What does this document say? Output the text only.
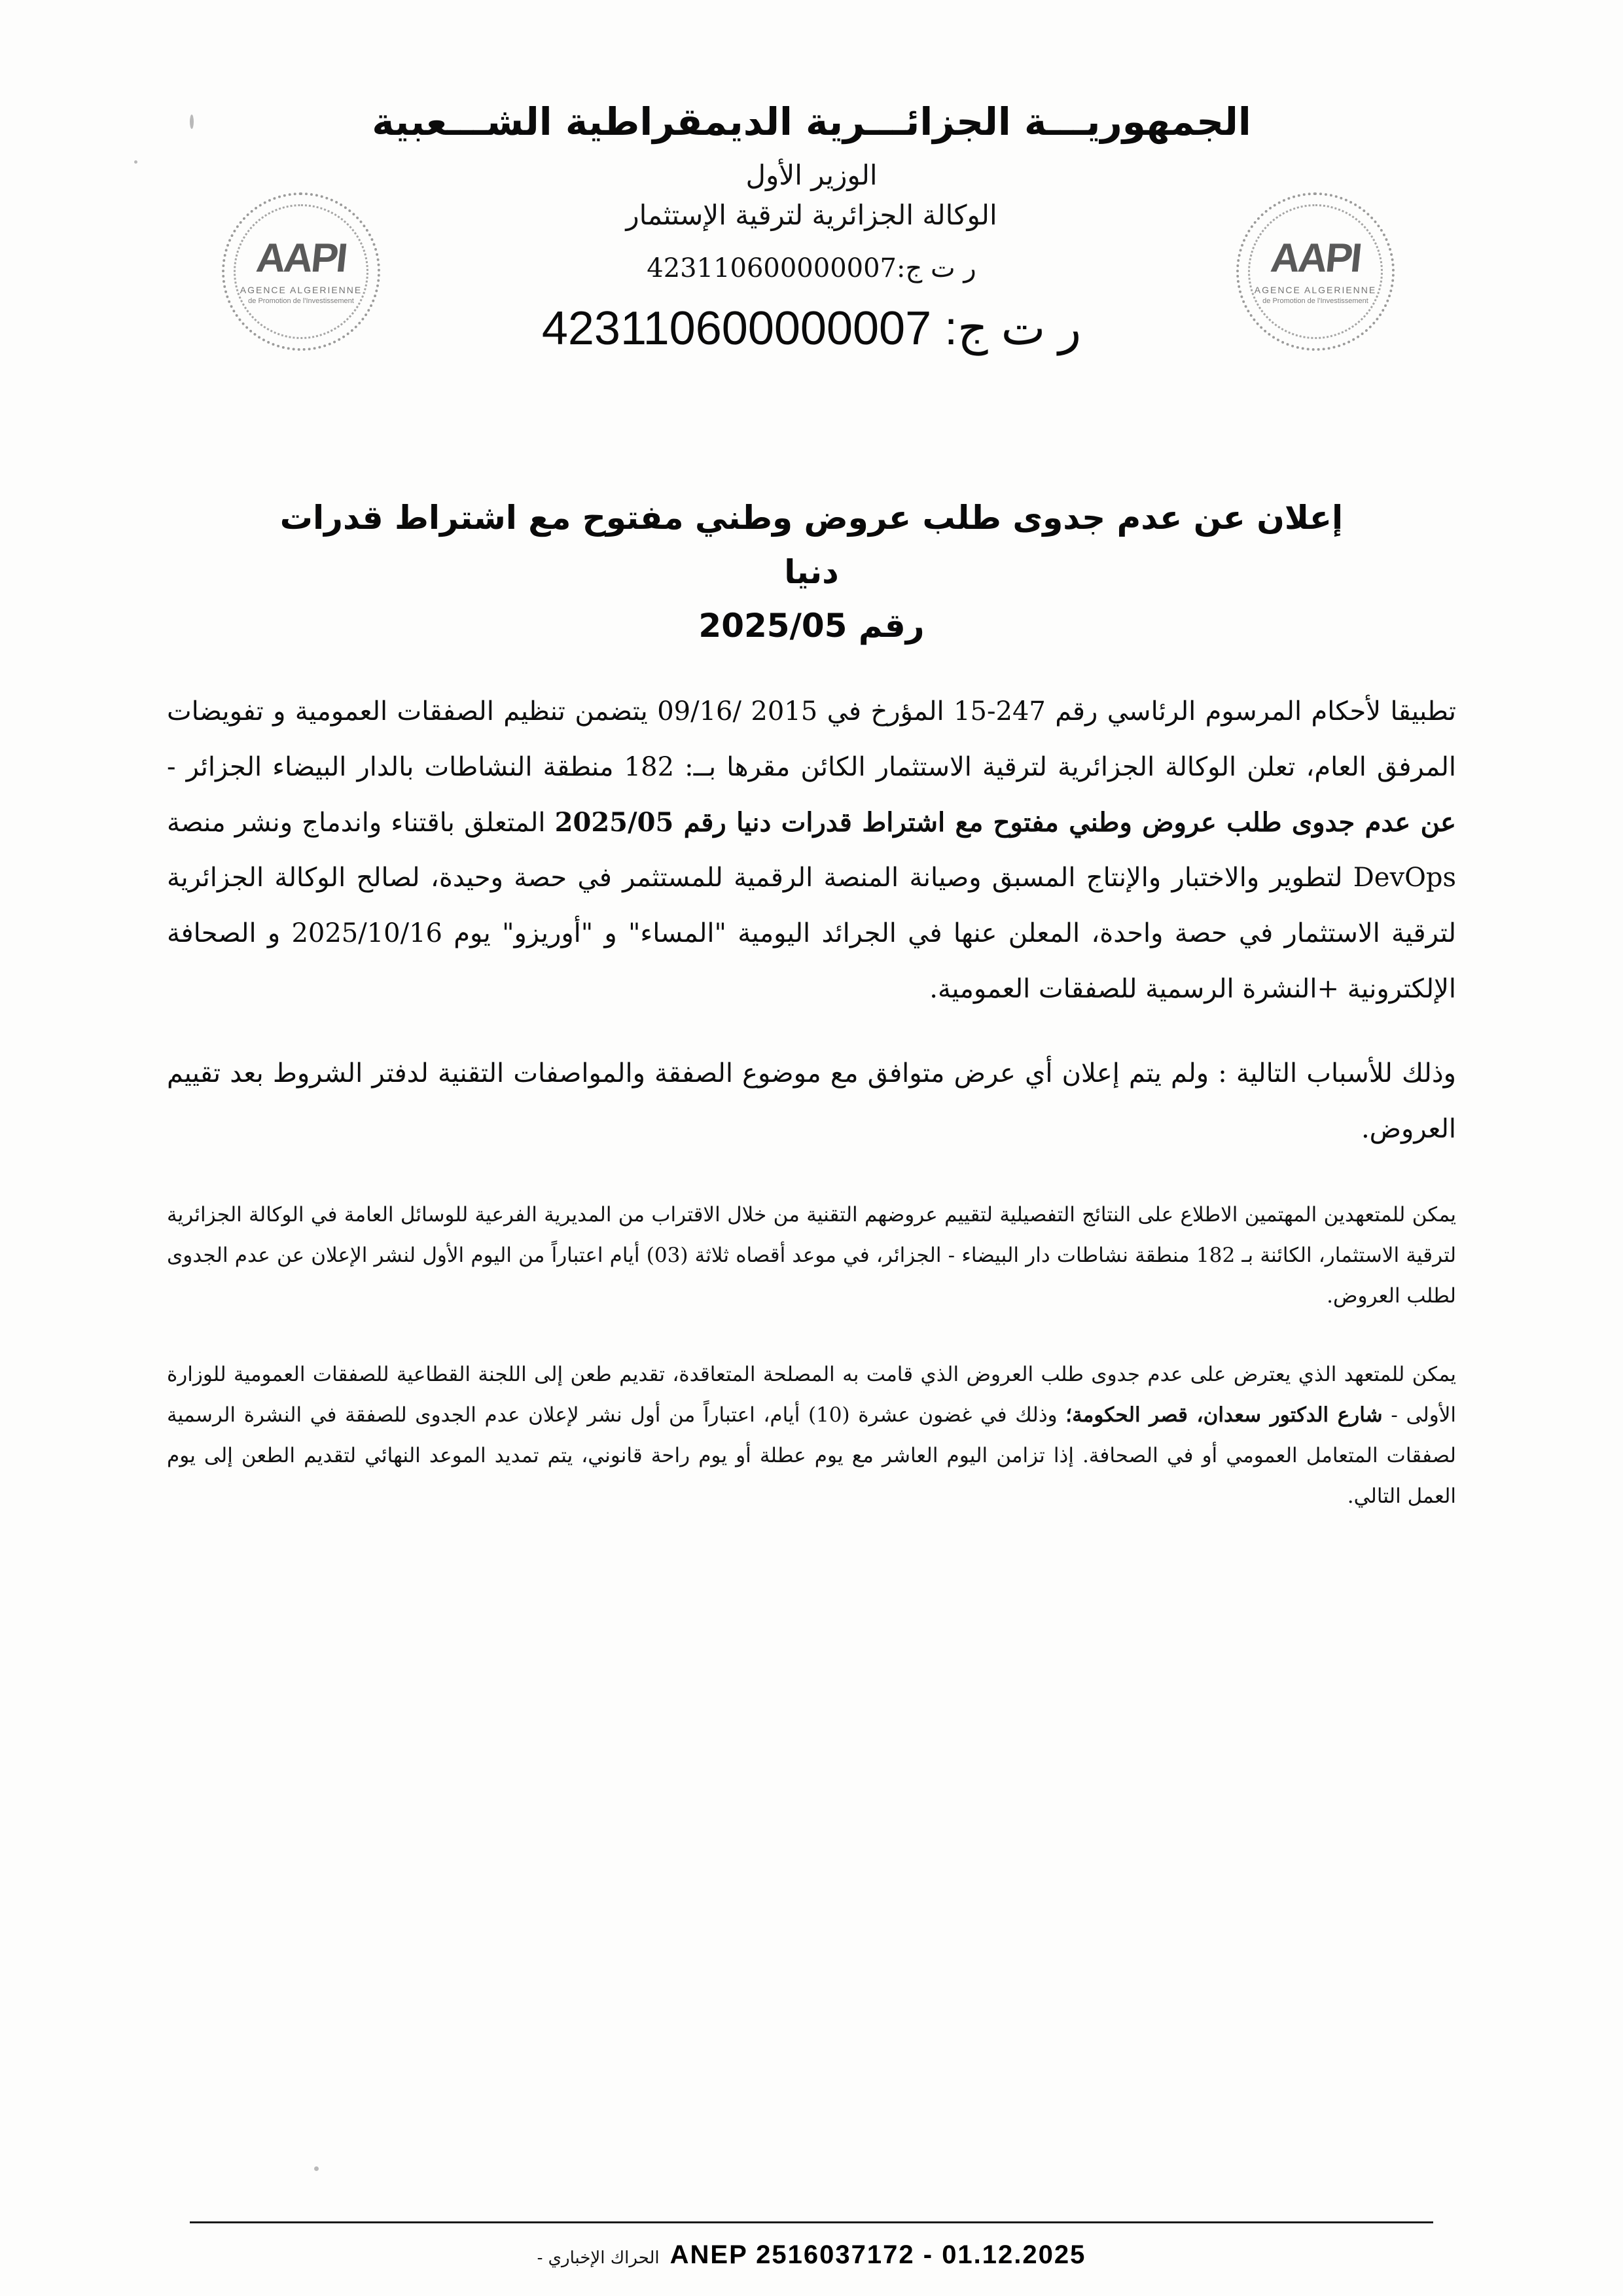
AAPI
AGENCE ALGERIENNE
de Promotion de l'Investissement
AAPI
AGENCE ALGERIENNE
de Promotion de l'Investissement
الجمهوريـــة الجزائـــرية الديمقراطية الشـــعبية
الوزير الأول
الوكالة الجزائرية لترقية الإستثمار
ر ت ج:423110600000007
ر ت ج: 423110600000007
إعلان عن عدم جدوى طلب عروض وطني مفتوح مع اشتراط قدرات دنيا
رقم 2025/05

تطبيقا لأحكام المرسوم الرئاسي رقم 247-15 المؤرخ في 2015 /09/16 يتضمن تنظيم الصفقات العمومية و تفويضات المرفق العام، تعلن الوكالة الجزائرية لترقية الاستثمار الكائن مقرها بــ: 182 منطقة النشاطات بالدار البيضاء الجزائر - عن عدم جدوى طلب عروض وطني مفتوح مع اشتراط قدرات دنيا رقم 2025/05 المتعلق باقتناء واندماج ونشر منصة DevOps لتطوير والاختبار والإنتاج المسبق وصيانة المنصة الرقمية للمستثمر في حصة وحيدة، لصالح الوكالة الجزائرية لترقية الاستثمار في حصة واحدة، المعلن عنها في الجرائد اليومية "المساء" و "أوريزو" يوم 2025/10/16 و الصحافة الإلكترونية +النشرة الرسمية للصفقات العمومية.

وذلك للأسباب التالية : ولم يتم إعلان أي عرض متوافق مع موضوع الصفقة والمواصفات التقنية لدفتر الشروط بعد تقييم العروض.

يمكن للمتعهدين المهتمين الاطلاع على النتائج التفصيلية لتقييم عروضهم التقنية من خلال الاقتراب من المديرية الفرعية للوسائل العامة في الوكالة الجزائرية لترقية الاستثمار، الكائنة بـ 182 منطقة نشاطات دار البيضاء - الجزائر، في موعد أقصاه ثلاثة (03) أيام اعتباراً من اليوم الأول لنشر الإعلان عن عدم الجدوى لطلب العروض.

يمكن للمتعهد الذي يعترض على عدم جدوى طلب العروض الذي قامت به المصلحة المتعاقدة، تقديم طعن إلى اللجنة القطاعية للصفقات العمومية للوزارة الأولى - شارع الدكتور سعدان، قصر الحكومة؛ وذلك في غضون عشرة (10) أيام، اعتباراً من أول نشر لإعلان عدم الجدوى للصفقة في النشرة الرسمية لصفقات المتعامل العمومي أو في الصحافة. إذا تزامن اليوم العاشر مع يوم عطلة أو يوم راحة قانوني، يتم تمديد الموعد النهائي لتقديم الطعن إلى يوم العمل التالي.

ANEP 2516037172 - 01.12.2025
الحراك الإخباري -
